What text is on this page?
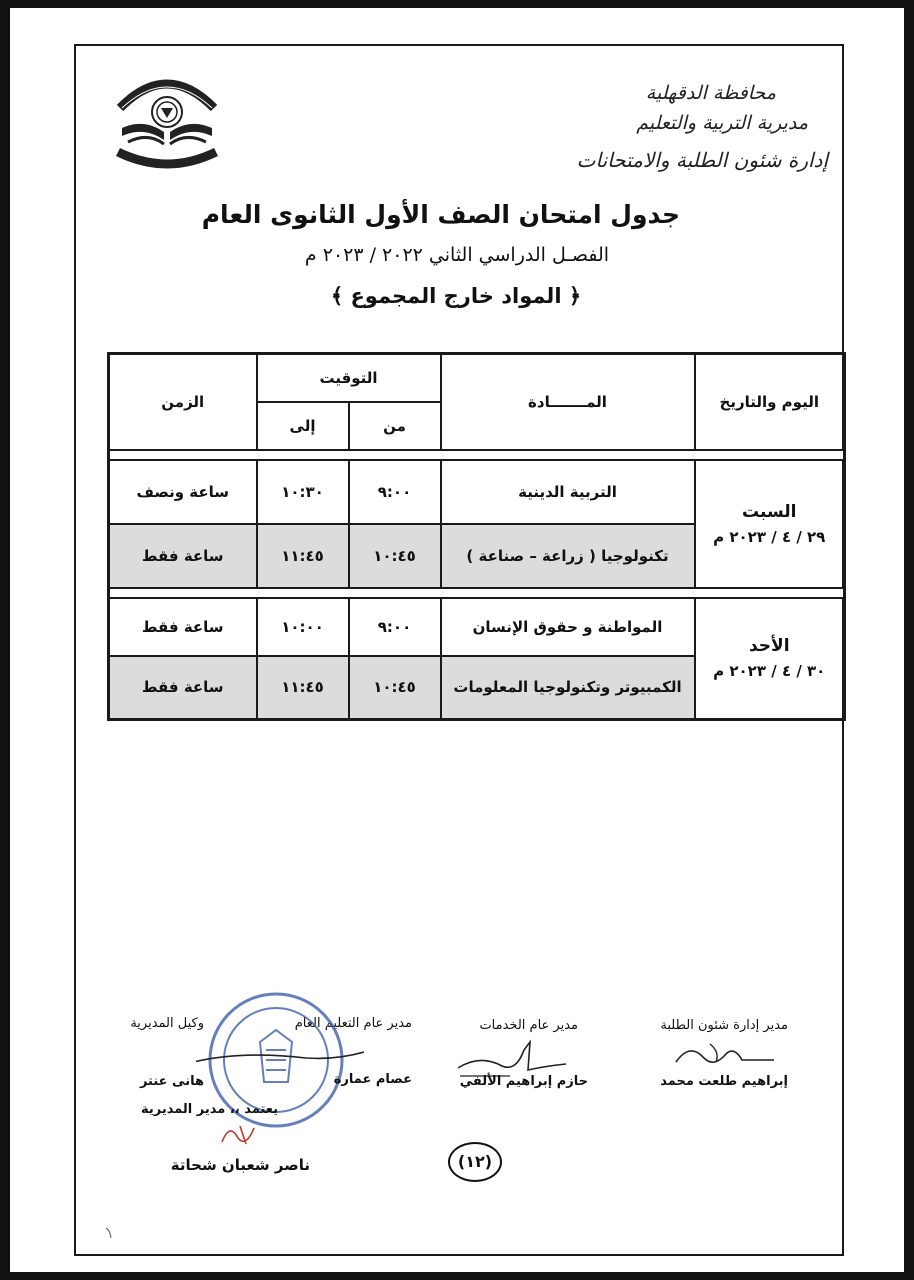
محافظة الدقهلية
مديرية التربية والتعليم
إدارة شئون الطلبة والامتحانات
جدول امتحان الصف الأول الثانوى العام
الفصـل الدراسي الثاني ٢٠٢٢ / ٢٠٢٣ م
﴿ المواد خارج المجموع ﴾
اليوم والتاريخ	المـــــــادة	التوقيت		الزمن
		من	إلى	

السبت
٢٩ / ٤ / ٢٠٢٣ م	التربية الدينية	٩:٠٠	١٠:٣٠	ساعة ونصف
	تكنولوجيا ( زراعة – صناعة )	١٠:٤٥	١١:٤٥	ساعة فقط

الأحد
٣٠ / ٤ / ٢٠٢٣ م	المواطنة و حقوق الإنسان	٩:٠٠	١٠:٠٠	ساعة فقط
	الكمبيوتر وتكنولوجيا المعلومات	١٠:٤٥	١١:٤٥	ساعة فقط
مدير إدارة شئون الطلبة
إبراهيم طلعت محمد
مدير عام الخدمات
حازم إبراهيم الألفي
مدير عام التعليم العام
وكيل المديرية
عصام عمارة
هانى عنتر
يعتمد ،، مدير المديرية
ناصر شعبان شحاتة	(١٢)
